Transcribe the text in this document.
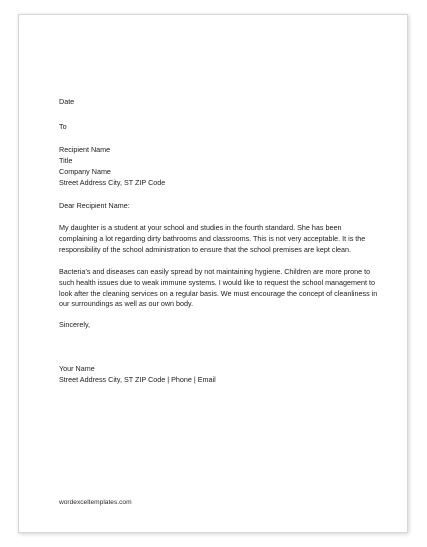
Date
To
Recipient Name
Title
Company Name
Street Address City, ST ZIP Code
Dear Recipient Name:
My daughter is a student at your school and studies in the fourth standard. She has been complaining a lot regarding dirty bathrooms and classrooms. This is not very acceptable. It is the responsibility of the school administration to ensure that the school premises are kept clean.
Bacteria’s and diseases can easily spread by not maintaining hygiene. Children are more prone to such health issues due to weak immune systems. I would like to request the school management to look after the cleaning services on a regular basis. We must encourage the concept of cleanliness in our surroundings as well as our own body.
Sincerely,
Your Name
Street Address City, ST ZIP Code | Phone | Email
wordexceltemplates.com
